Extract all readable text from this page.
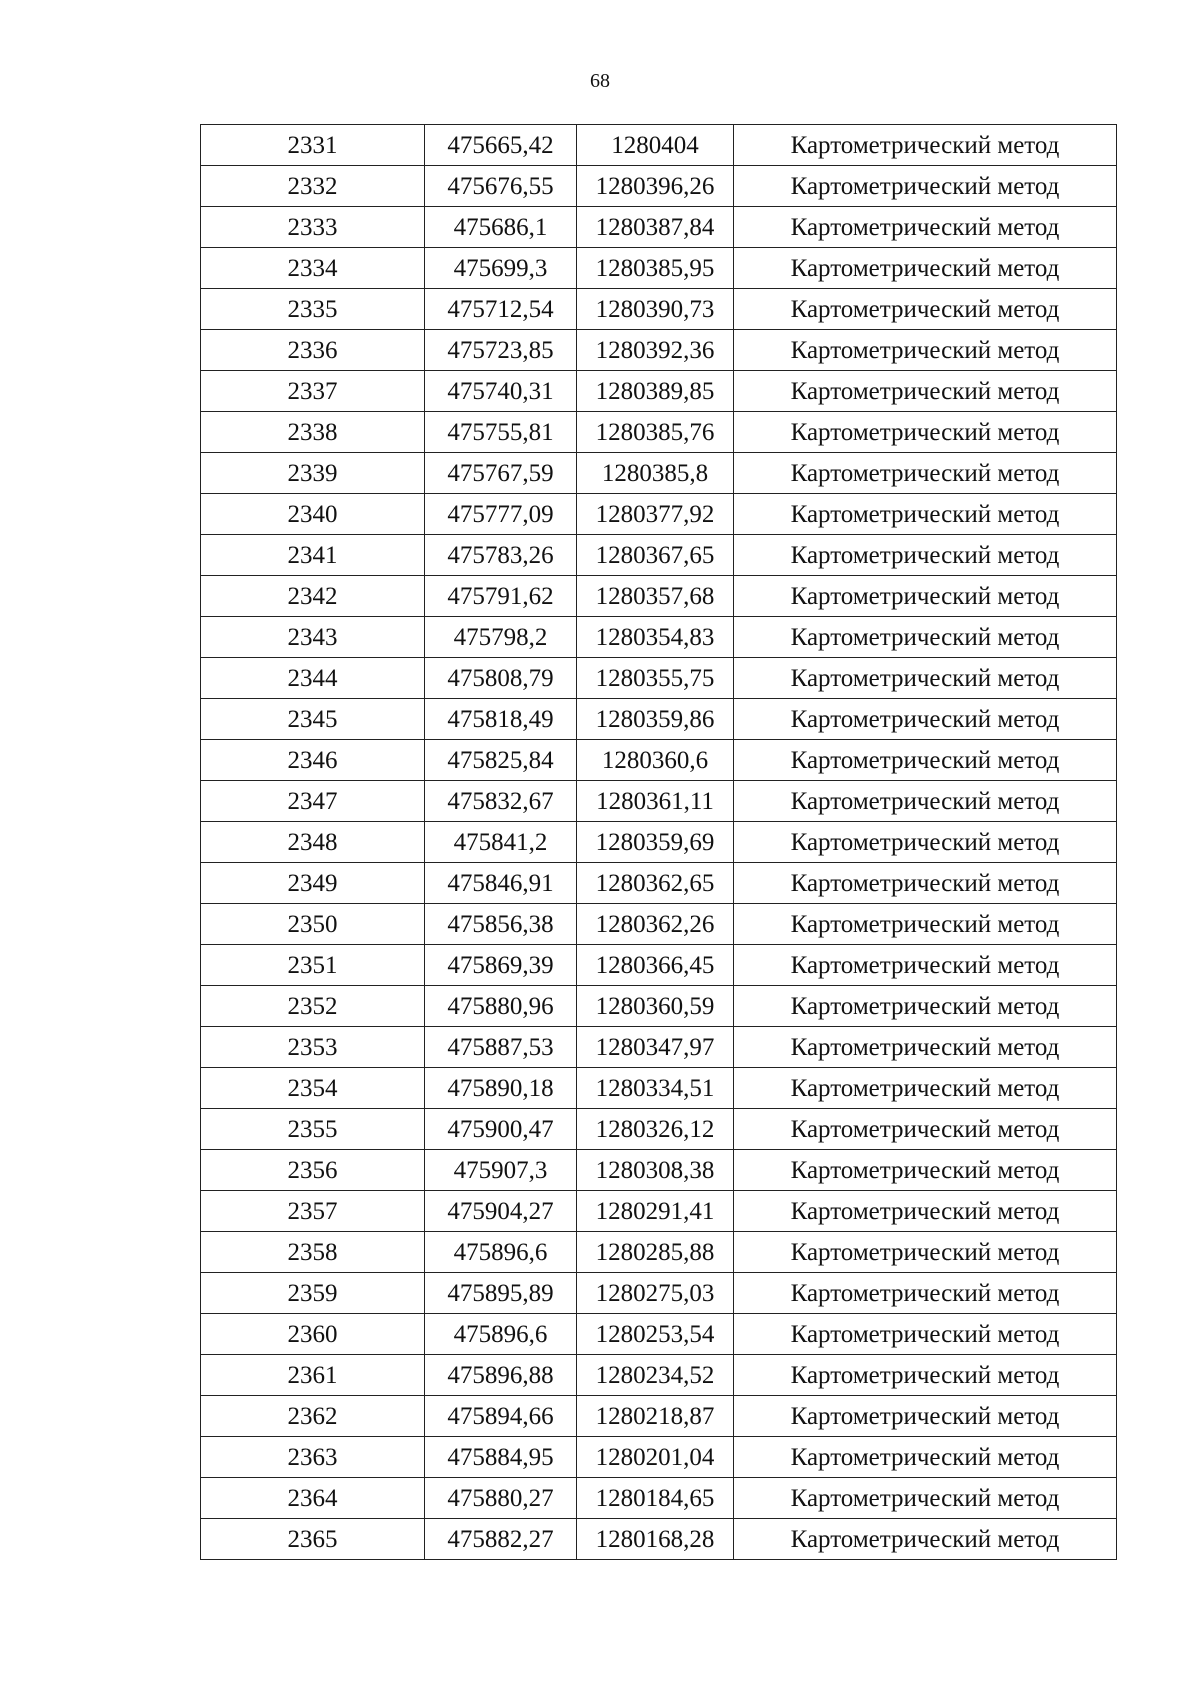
68
2331	475665,42	1280404	Картометрический метод
2332	475676,55	1280396,26	Картометрический метод
2333	475686,1	1280387,84	Картометрический метод
2334	475699,3	1280385,95	Картометрический метод
2335	475712,54	1280390,73	Картометрический метод
2336	475723,85	1280392,36	Картометрический метод
2337	475740,31	1280389,85	Картометрический метод
2338	475755,81	1280385,76	Картометрический метод
2339	475767,59	1280385,8	Картометрический метод
2340	475777,09	1280377,92	Картометрический метод
2341	475783,26	1280367,65	Картометрический метод
2342	475791,62	1280357,68	Картометрический метод
2343	475798,2	1280354,83	Картометрический метод
2344	475808,79	1280355,75	Картометрический метод
2345	475818,49	1280359,86	Картометрический метод
2346	475825,84	1280360,6	Картометрический метод
2347	475832,67	1280361,11	Картометрический метод
2348	475841,2	1280359,69	Картометрический метод
2349	475846,91	1280362,65	Картометрический метод
2350	475856,38	1280362,26	Картометрический метод
2351	475869,39	1280366,45	Картометрический метод
2352	475880,96	1280360,59	Картометрический метод
2353	475887,53	1280347,97	Картометрический метод
2354	475890,18	1280334,51	Картометрический метод
2355	475900,47	1280326,12	Картометрический метод
2356	475907,3	1280308,38	Картометрический метод
2357	475904,27	1280291,41	Картометрический метод
2358	475896,6	1280285,88	Картометрический метод
2359	475895,89	1280275,03	Картометрический метод
2360	475896,6	1280253,54	Картометрический метод
2361	475896,88	1280234,52	Картометрический метод
2362	475894,66	1280218,87	Картометрический метод
2363	475884,95	1280201,04	Картометрический метод
2364	475880,27	1280184,65	Картометрический метод
2365	475882,27	1280168,28	Картометрический метод
